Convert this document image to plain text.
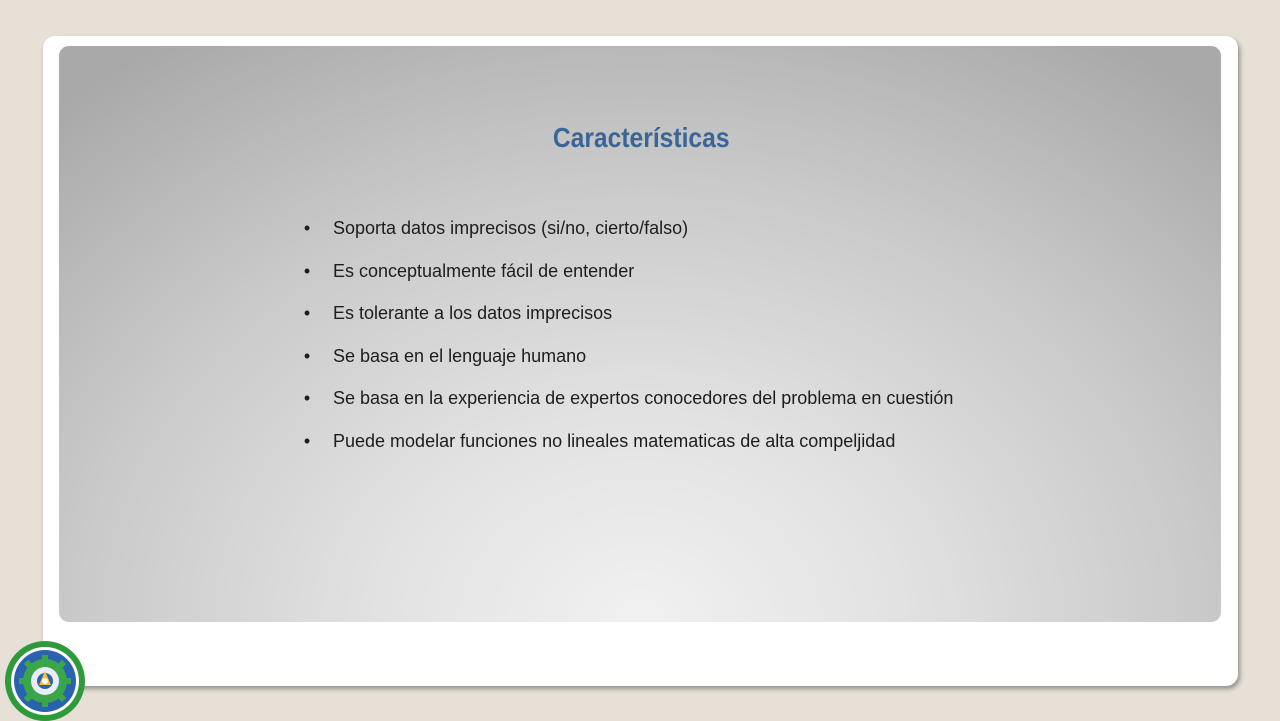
Características
• Soporta datos imprecisos (si/no, cierto/falso)
• Es conceptualmente fácil de entender
• Es tolerante a los datos imprecisos
• Se basa en el lenguaje humano
• Se basa en la experiencia de expertos conocedores del problema en cuestión
• Puede modelar funciones no lineales matematicas de alta compeljidad
